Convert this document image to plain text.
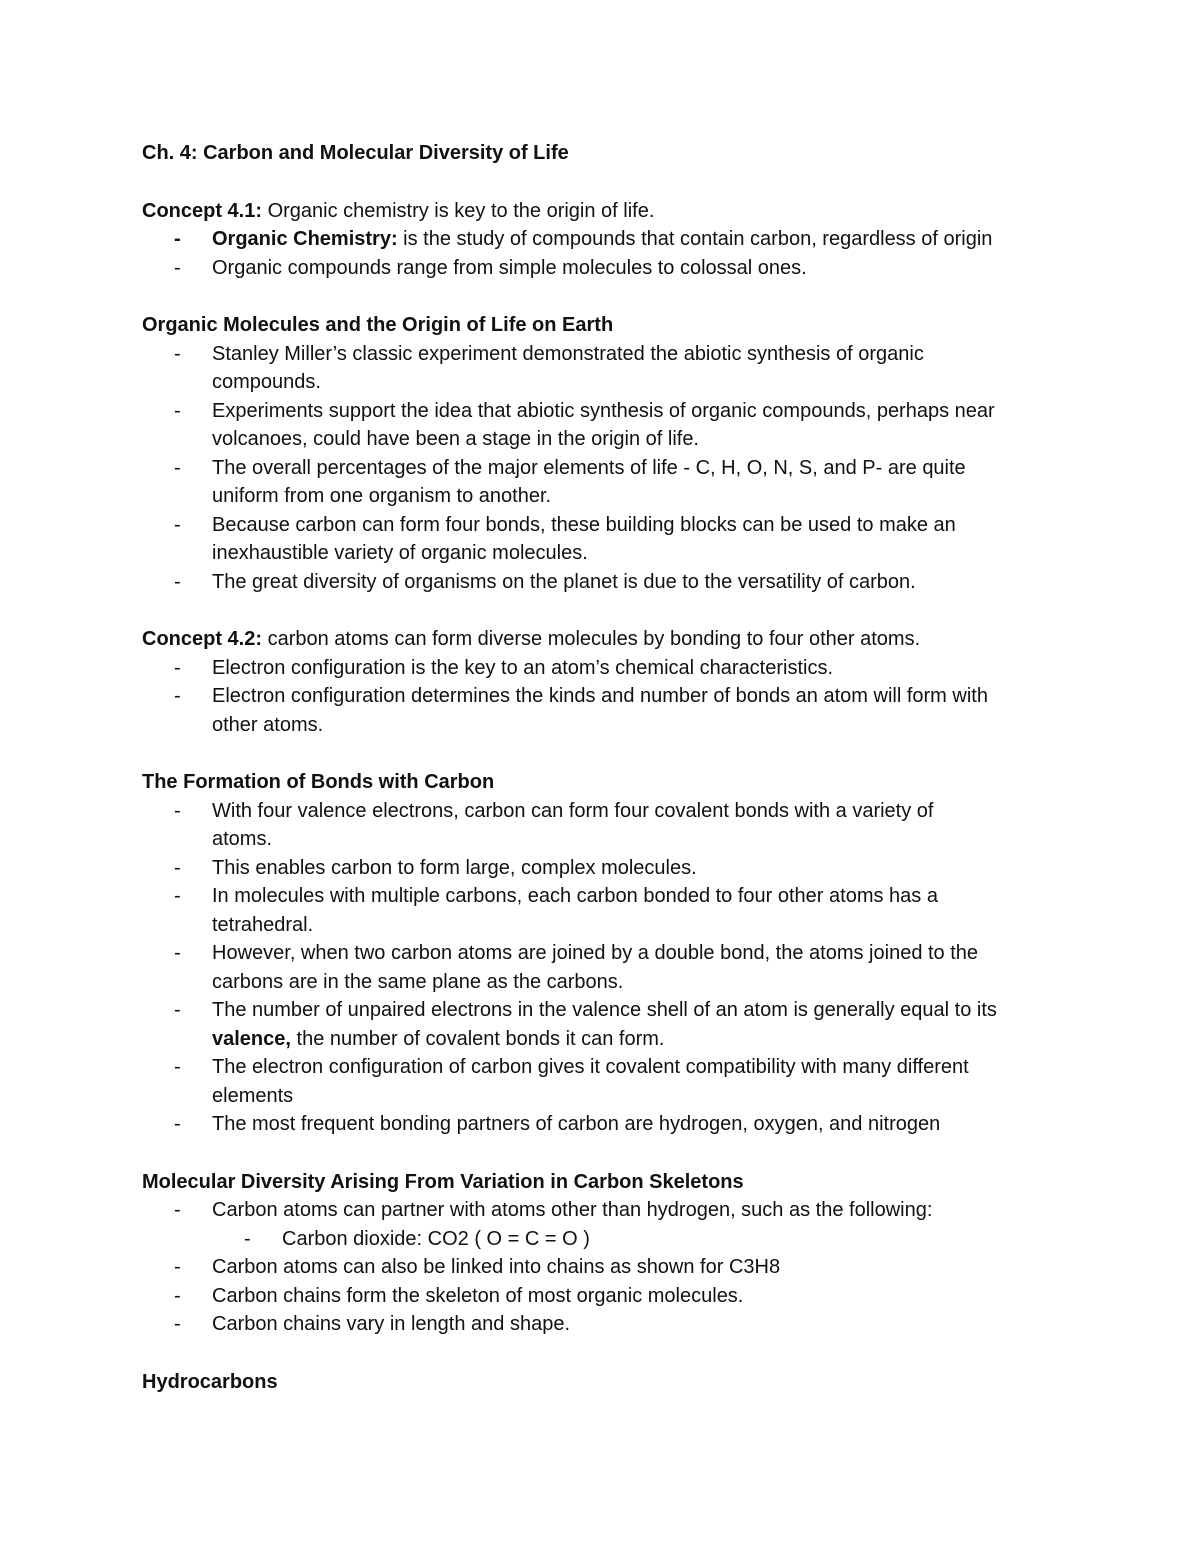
Ch. 4: Carbon and Molecular Diversity of Life
Concept 4.1: Organic chemistry is key to the origin of life.
-	Organic Chemistry: is the study of compounds that contain carbon, regardless of origin
-	Organic compounds range from simple molecules to colossal ones.
Organic Molecules and the Origin of Life on Earth
-	Stanley Miller’s classic experiment demonstrated the abiotic synthesis of organic
compounds.
-	Experiments support the idea that abiotic synthesis of organic compounds, perhaps near
volcanoes, could have been a stage in the origin of life.
-	The overall percentages of the major elements of life - C, H, O, N, S, and P- are quite
uniform from one organism to another.
-	Because carbon can form four bonds, these building blocks can be used to make an
inexhaustible variety of organic molecules.
-	The great diversity of organisms on the planet is due to the versatility of carbon.
Concept 4.2: carbon atoms can form diverse molecules by bonding to four other atoms.
-	Electron configuration is the key to an atom’s chemical characteristics.
-	Electron configuration determines the kinds and number of bonds an atom will form with
other atoms.
The Formation of Bonds with Carbon
-	With four valence electrons, carbon can form four covalent bonds with a variety of
atoms.
-	This enables carbon to form large, complex molecules.
-	In molecules with multiple carbons, each carbon bonded to four other atoms has a
tetrahedral.
-	However, when two carbon atoms are joined by a double bond, the atoms joined to the
carbons are in the same plane as the carbons.
-	The number of unpaired electrons in the valence shell of an atom is generally equal to its
valence, the number of covalent bonds it can form.
-	The electron configuration of carbon gives it covalent compatibility with many different
elements
-	The most frequent bonding partners of carbon are hydrogen, oxygen, and nitrogen
Molecular Diversity Arising From Variation in Carbon Skeletons
-	Carbon atoms can partner with atoms other than hydrogen, such as the following:
-	Carbon dioxide: CO2 ( O = C = O )
-	Carbon atoms can also be linked into chains as shown for C3H8
-	Carbon chains form the skeleton of most organic molecules.
-	Carbon chains vary in length and shape.
Hydrocarbons
